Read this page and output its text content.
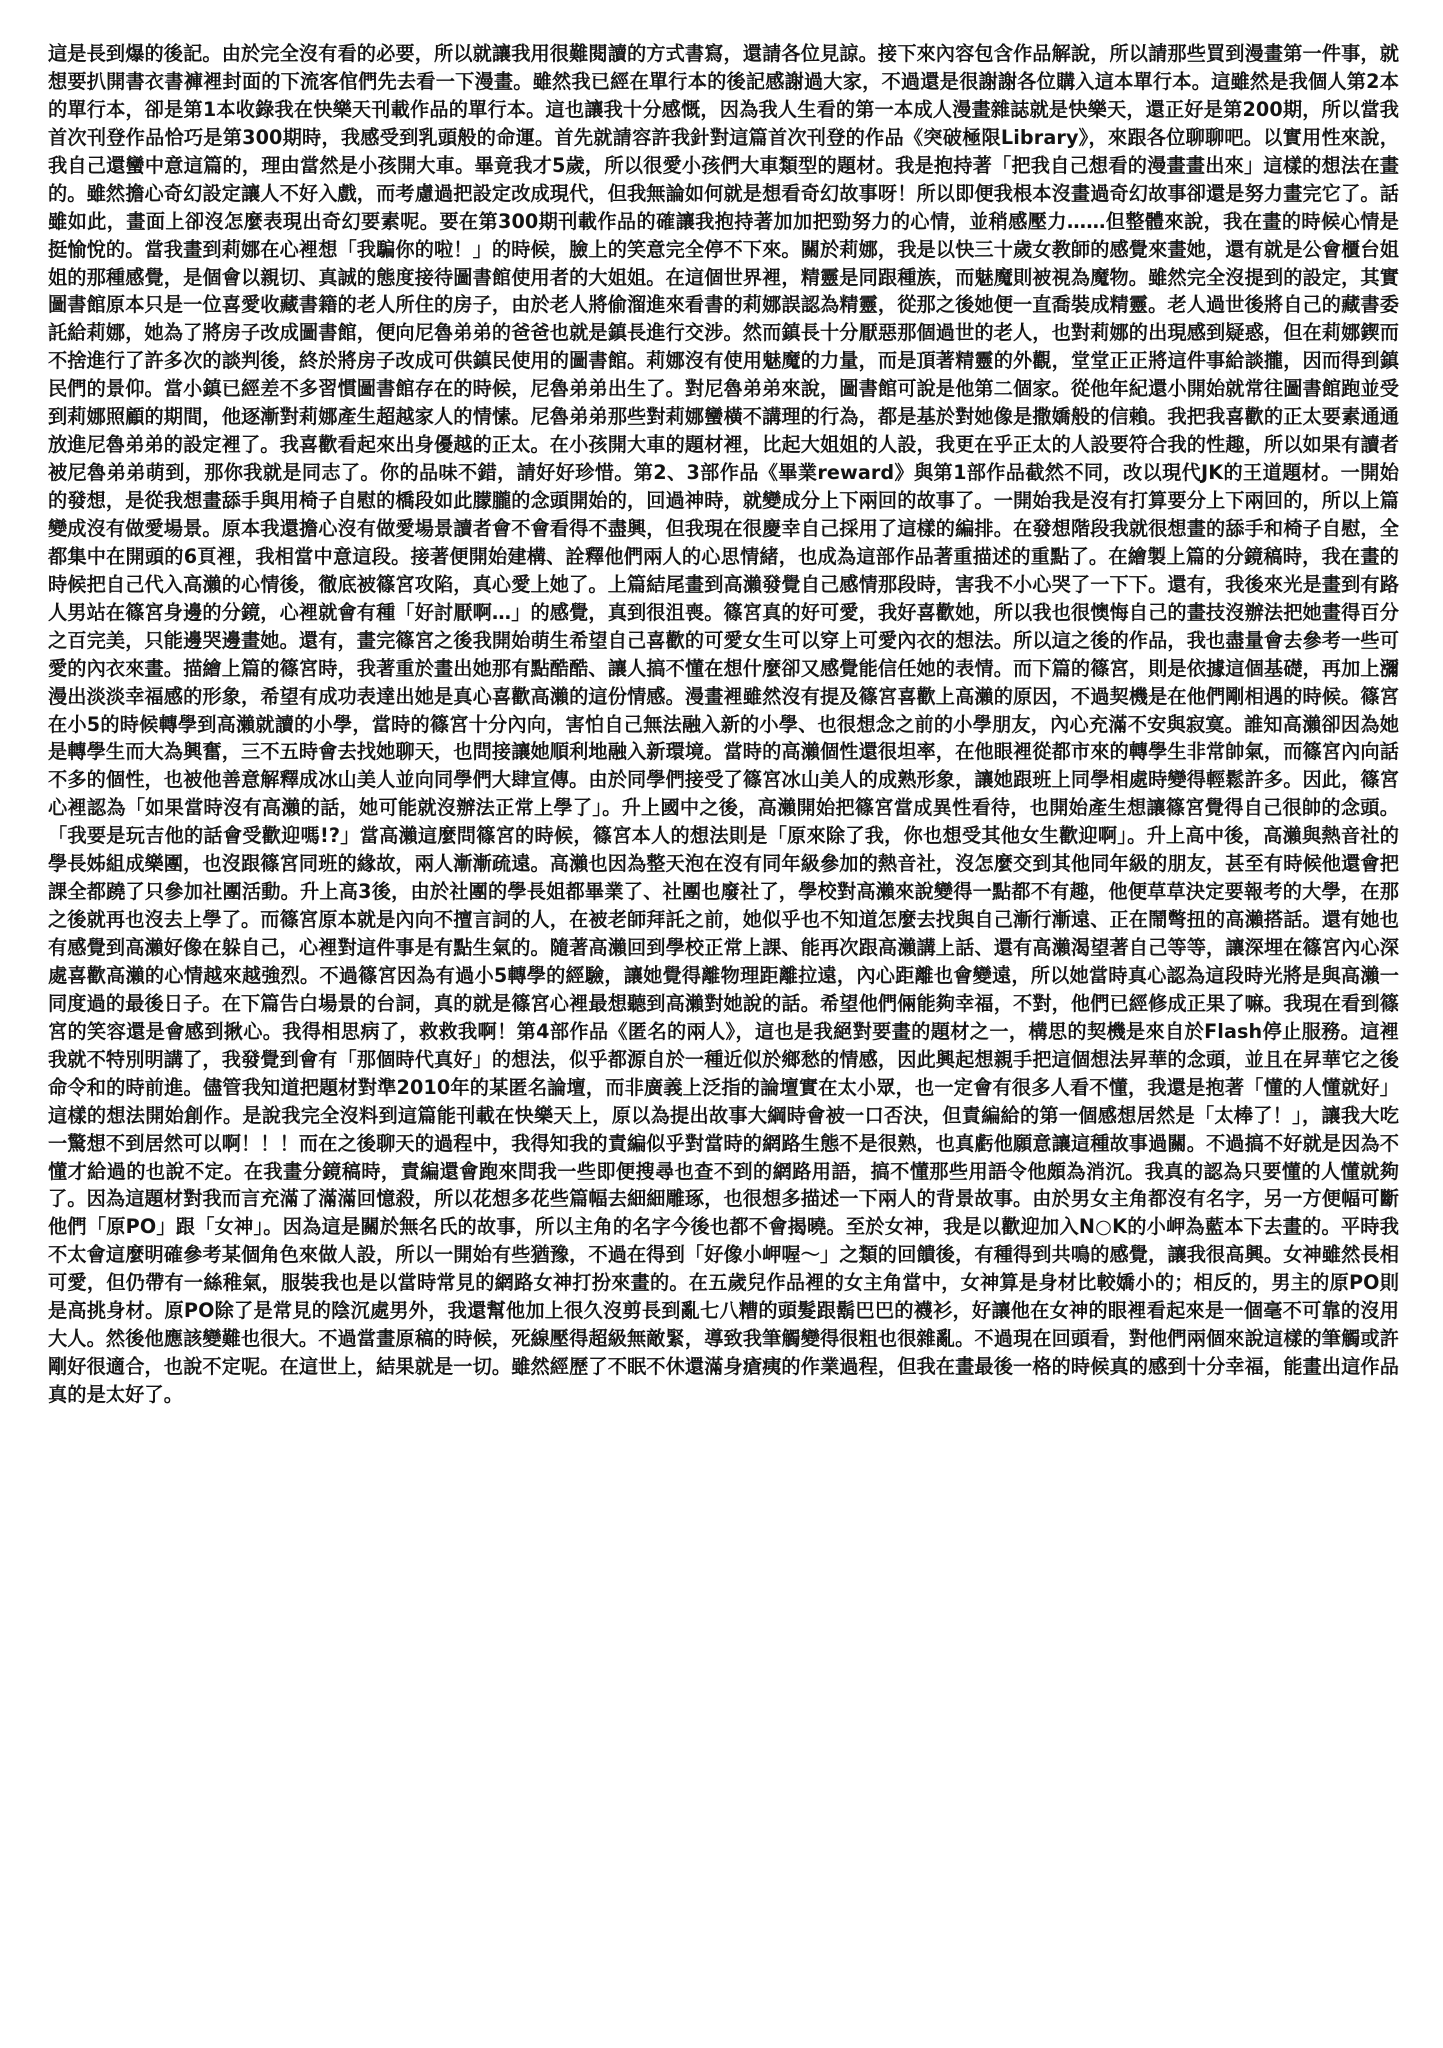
這是長到爆的後記。由於完全沒有看的必要，所以就讓我用很難閱讀的方式書寫，還請各位見諒。接下來內容包含作品解說，所以請那些買到漫畫第一件事，就想要扒開書衣書褲裡封面的下流客倌們先去看一下漫畫。雖然我已經在單行本的後記感謝過大家，不過還是很謝謝各位購入這本單行本。這雖然是我個人第2本的單行本，卻是第1本收錄我在快樂天刊載作品的單行本。這也讓我十分感慨，因為我人生看的第一本成人漫畫雜誌就是快樂天，還正好是第200期，所以當我首次刊登作品恰巧是第300期時，我感受到乳頭般的命運。首先就請容許我針對這篇首次刊登的作品《突破極限Library》，來跟各位聊聊吧。以實用性來說，我自己還蠻中意這篇的，理由當然是小孩開大車。畢竟我才5歲，所以很愛小孩們大車類型的題材。我是抱持著「把我自己想看的漫畫畫出來」這樣的想法在畫的。雖然擔心奇幻設定讓人不好入戲，而考慮過把設定改成現代，但我無論如何就是想看奇幻故事呀！所以即便我根本沒畫過奇幻故事卻還是努力畫完它了。話雖如此，畫面上卻沒怎麼表現出奇幻要素呢。要在第300期刊載作品的確讓我抱持著加加把勁努力的心情，並稍感壓力……但整體來說，我在畫的時候心情是挺愉悅的。當我畫到莉娜在心裡想「我騙你的啦！」的時候，臉上的笑意完全停不下來。關於莉娜，我是以快三十歲女教師的感覺來畫她，還有就是公會櫃台姐姐的那種感覺，是個會以親切、真誠的態度接待圖書館使用者的大姐姐。在這個世界裡，精靈是同跟種族，而魅魔則被視為魔物。雖然完全沒提到的設定，其實圖書館原本只是一位喜愛收藏書籍的老人所住的房子，由於老人將偷溜進來看書的莉娜誤認為精靈，從那之後她便一直喬裝成精靈。老人過世後將自己的藏書委託給莉娜，她為了將房子改成圖書館，便向尼魯弟弟的爸爸也就是鎮長進行交涉。然而鎮長十分厭惡那個過世的老人，也對莉娜的出現感到疑惑，但在莉娜鍥而不捨進行了許多次的談判後，終於將房子改成可供鎮民使用的圖書館。莉娜沒有使用魅魔的力量，而是頂著精靈的外觀，堂堂正正將這件事給談攏，因而得到鎮民們的景仰。當小鎮已經差不多習慣圖書館存在的時候，尼魯弟弟出生了。對尼魯弟弟來說，圖書館可說是他第二個家。從他年紀還小開始就常往圖書館跑並受到莉娜照顧的期間，他逐漸對莉娜產生超越家人的情愫。尼魯弟弟那些對莉娜蠻橫不講理的行為，都是基於對她像是撒嬌般的信賴。我把我喜歡的正太要素通通放進尼魯弟弟的設定裡了。我喜歡看起來出身優越的正太。在小孩開大車的題材裡，比起大姐姐的人設，我更在乎正太的人設要符合我的性趣，所以如果有讀者被尼魯弟弟萌到，那你我就是同志了。你的品味不錯，請好好珍惜。第2、3部作品《畢業reward》與第1部作品截然不同，改以現代JK的王道題材。一開始的發想，是從我想畫舔手與用椅子自慰的橋段如此朦朧的念頭開始的，回過神時，就變成分上下兩回的故事了。一開始我是沒有打算要分上下兩回的，所以上篇變成沒有做愛場景。原本我還擔心沒有做愛場景讀者會不會看得不盡興，但我現在很慶幸自己採用了這樣的編排。在發想階段我就很想畫的舔手和椅子自慰，全都集中在開頭的6頁裡，我相當中意這段。接著便開始建構、詮釋他們兩人的心思情緒，也成為這部作品著重描述的重點了。在繪製上篇的分鏡稿時，我在畫的時候把自己代入高瀨的心情後，徹底被篠宮攻陷，真心愛上她了。上篇結尾畫到高瀨發覺自己感情那段時，害我不小心哭了一下下。還有，我後來光是畫到有路人男站在篠宮身邊的分鏡，心裡就會有種「好討厭啊…」的感覺，真到很沮喪。篠宮真的好可愛，我好喜歡她，所以我也很懊悔自己的畫技沒辦法把她畫得百分之百完美，只能邊哭邊畫她。還有，畫完篠宮之後我開始萌生希望自己喜歡的可愛女生可以穿上可愛內衣的想法。所以這之後的作品，我也盡量會去參考一些可愛的內衣來畫。描繪上篇的篠宮時，我著重於畫出她那有點酷酷、讓人搞不懂在想什麼卻又感覺能信任她的表情。而下篇的篠宮，則是依據這個基礎，再加上瀰漫出淡淡幸福感的形象，希望有成功表達出她是真心喜歡高瀨的這份情感。漫畫裡雖然沒有提及篠宮喜歡上高瀨的原因，不過契機是在他們剛相遇的時候。篠宮在小5的時候轉學到高瀨就讀的小學，當時的篠宮十分內向，害怕自己無法融入新的小學、也很想念之前的小學朋友，內心充滿不安與寂寞。誰知高瀨卻因為她是轉學生而大為興奮，三不五時會去找她聊天，也問接讓她順利地融入新環境。當時的高瀨個性還很坦率，在他眼裡從都市來的轉學生非常帥氣，而篠宮內向話不多的個性，也被他善意解釋成冰山美人並向同學們大肆宣傳。由於同學們接受了篠宮冰山美人的成熟形象，讓她跟班上同學相處時變得輕鬆許多。因此，篠宮心裡認為「如果當時沒有高瀨的話，她可能就沒辦法正常上學了」。升上國中之後，高瀨開始把篠宮當成異性看待，也開始產生想讓篠宮覺得自己很帥的念頭。「我要是玩吉他的話會受歡迎嗎!?」當高瀨這麼問篠宮的時候，篠宮本人的想法則是「原來除了我，你也想受其他女生歡迎啊」。升上高中後，高瀨與熱音社的學長姊組成樂團，也沒跟篠宮同班的緣故，兩人漸漸疏遠。高瀨也因為整天泡在沒有同年級參加的熱音社，沒怎麼交到其他同年級的朋友，甚至有時候他還會把課全都蹺了只參加社團活動。升上高3後，由於社團的學長姐都畢業了、社團也廢社了，學校對高瀨來說變得一點都不有趣，他便草草決定要報考的大學，在那之後就再也沒去上學了。而篠宮原本就是內向不擅言詞的人，在被老師拜託之前，她似乎也不知道怎麼去找與自己漸行漸遠、正在鬧彆扭的高瀨搭話。還有她也有感覺到高瀨好像在躲自己，心裡對這件事是有點生氣的。隨著高瀨回到學校正常上課、能再次跟高瀨講上話、還有高瀨渴望著自己等等，讓深埋在篠宮內心深處喜歡高瀨的心情越來越強烈。不過篠宮因為有過小5轉學的經驗，讓她覺得離物理距離拉遠，內心距離也會變遠，所以她當時真心認為這段時光將是與高瀨一同度過的最後日子。在下篇告白場景的台詞，真的就是篠宮心裡最想聽到高瀨對她說的話。希望他們倆能夠幸福，不對，他們已經修成正果了嘛。我現在看到篠宮的笑容還是會感到揪心。我得相思病了，救救我啊！第4部作品《匿名的兩人》，這也是我絕對要畫的題材之一，構思的契機是來自於Flash停止服務。這裡我就不特別明講了，我發覺到會有「那個時代真好」的想法，似乎都源自於一種近似於鄉愁的情感，因此興起想親手把這個想法昇華的念頭，並且在昇華它之後命令和的時前進。儘管我知道把題材對準2010年的某匿名論壇，而非廣義上泛指的論壇實在太小眾，也一定會有很多人看不懂，我還是抱著「懂的人懂就好」這樣的想法開始創作。是說我完全沒料到這篇能刊載在快樂天上，原以為提出故事大綱時會被一口否決，但責編給的第一個感想居然是「太棒了！」，讓我大吃一驚想不到居然可以啊！！！而在之後聊天的過程中，我得知我的責編似乎對當時的網路生態不是很熟，也真虧他願意讓這種故事過關。不過搞不好就是因為不懂才給過的也說不定。在我畫分鏡稿時，責編還會跑來問我一些即便搜尋也查不到的網路用語，搞不懂那些用語令他頗為消沉。我真的認為只要懂的人懂就夠了。因為這題材對我而言充滿了滿滿回憶殺，所以花想多花些篇幅去細細雕琢，也很想多描述一下兩人的背景故事。由於男女主角都沒有名字，另一方便幅可斷他們「原PO」跟「女神」。因為這是關於無名氏的故事，所以主角的名字今後也都不會揭曉。至於女神，我是以歡迎加入N○K的小岬為藍本下去畫的。平時我不太會這麼明確參考某個角色來做人設，所以一開始有些猶豫，不過在得到「好像小岬喔～」之類的回饋後，有種得到共鳴的感覺，讓我很高興。女神雖然長相可愛，但仍帶有一絲稚氣，服裝我也是以當時常見的網路女神打扮來畫的。在五歲兒作品裡的女主角當中，女神算是身材比較嬌小的；相反的，男主的原PO則是高挑身材。原PO除了是常見的陰沉處男外，我還幫他加上很久沒剪長到亂七八糟的頭髮跟鬍巴巴的襪衫，好讓他在女神的眼裡看起來是一個毫不可靠的沒用大人。然後他應該變難也很大。不過當畫原稿的時候，死線壓得超級無敵緊，導致我筆觸變得很粗也很雜亂。不過現在回頭看，對他們兩個來說這樣的筆觸或許剛好很適合，也說不定呢。在這世上，結果就是一切。雖然經歷了不眠不休還滿身瘡痍的作業過程，但我在畫最後一格的時候真的感到十分幸福，能畫出這作品真的是太好了。
